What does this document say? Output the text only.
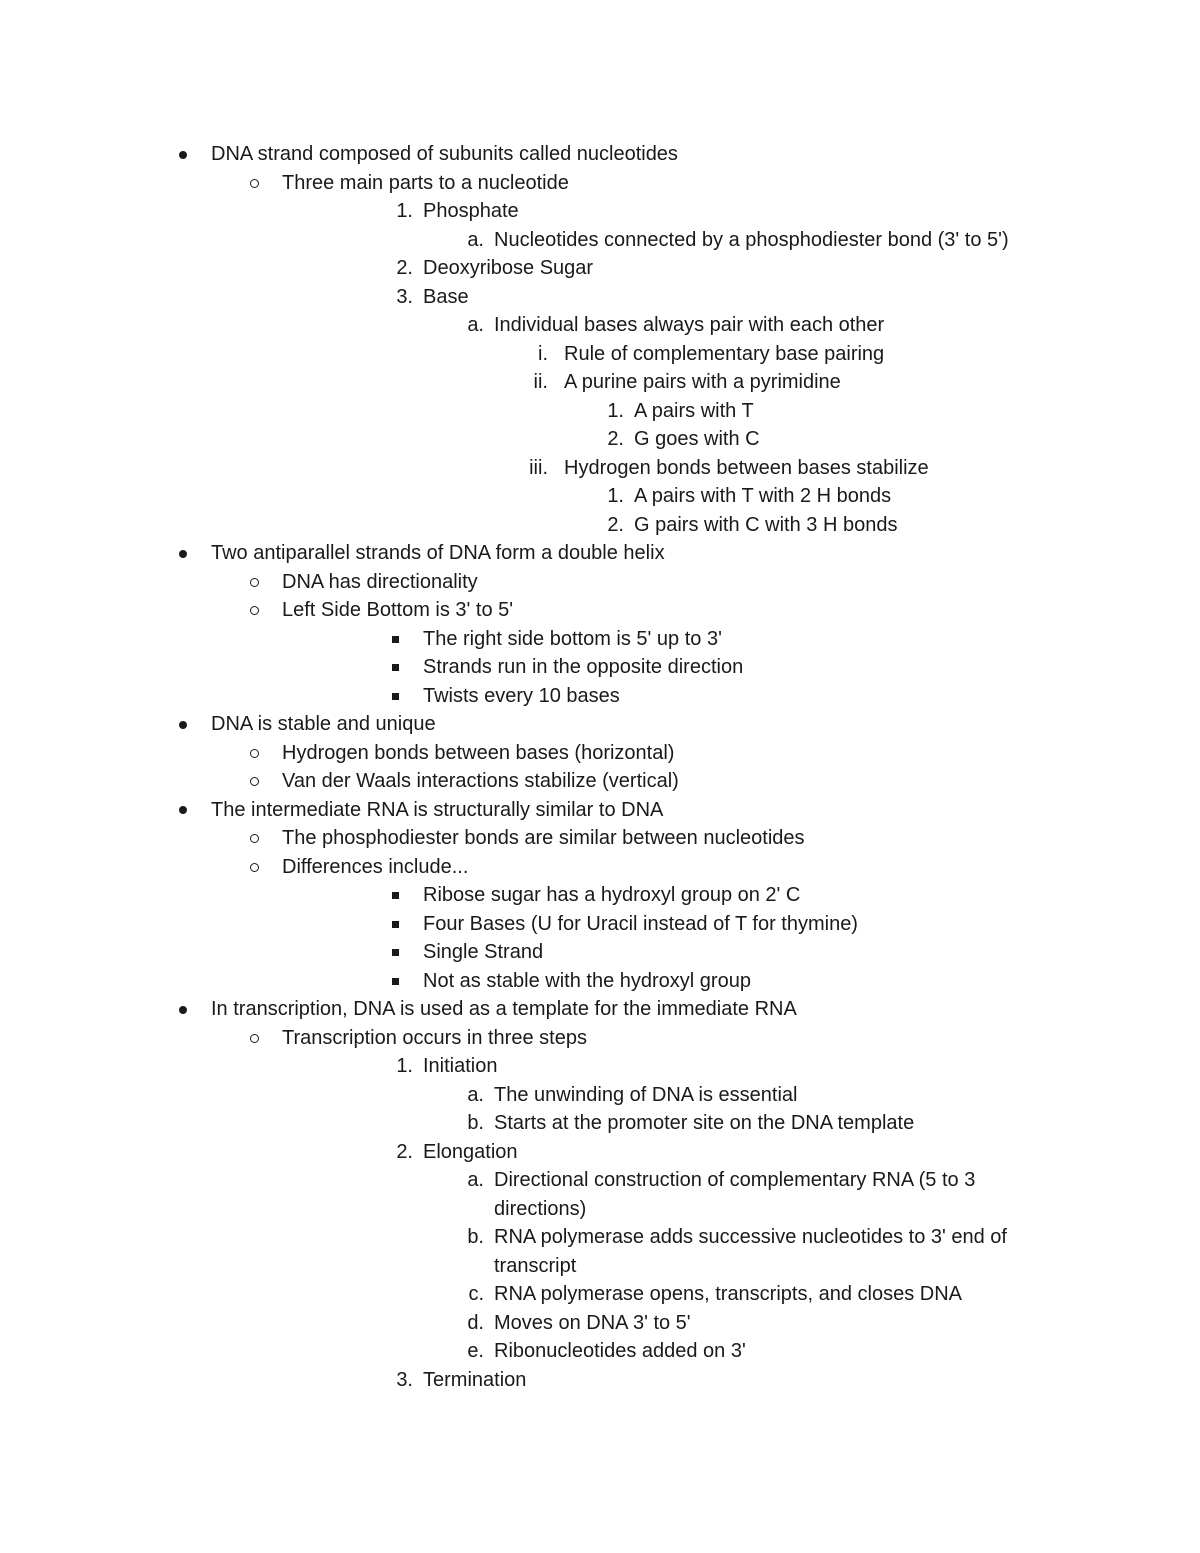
DNA strand composed of subunits called nucleotides
Three main parts to a nucleotide
1. Phosphate
a. Nucleotides connected by a phosphodiester bond (3' to 5')
2. Deoxyribose Sugar
3. Base
a. Individual bases always pair with each other
i. Rule of complementary base pairing
ii. A purine pairs with a pyrimidine
1. A pairs with T
2. G goes with C
iii. Hydrogen bonds between bases stabilize
1. A pairs with T with 2 H bonds
2. G pairs with C with 3 H bonds
Two antiparallel strands of DNA form a double helix
DNA has directionality
Left Side Bottom is 3' to 5'
The right side bottom is 5' up to 3'
Strands run in the opposite direction
Twists every 10 bases
DNA is stable and unique
Hydrogen bonds between bases (horizontal)
Van der Waals interactions stabilize (vertical)
The intermediate RNA is structurally similar to DNA
The phosphodiester bonds are similar between nucleotides
Differences include...
Ribose sugar has a hydroxyl group on 2' C
Four Bases (U for Uracil instead of T for thymine)
Single Strand
Not as stable with the hydroxyl group
In transcription, DNA is used as a template for the immediate RNA
Transcription occurs in three steps
1. Initiation
a. The unwinding of DNA is essential
b. Starts at the promoter site on the DNA template
2. Elongation
a. Directional construction of complementary RNA (5 to 3 directions)
b. RNA polymerase adds successive nucleotides to 3' end of transcript
c. RNA polymerase opens, transcripts, and closes DNA
d. Moves on DNA 3' to 5'
e. Ribonucleotides added on 3'
3. Termination
